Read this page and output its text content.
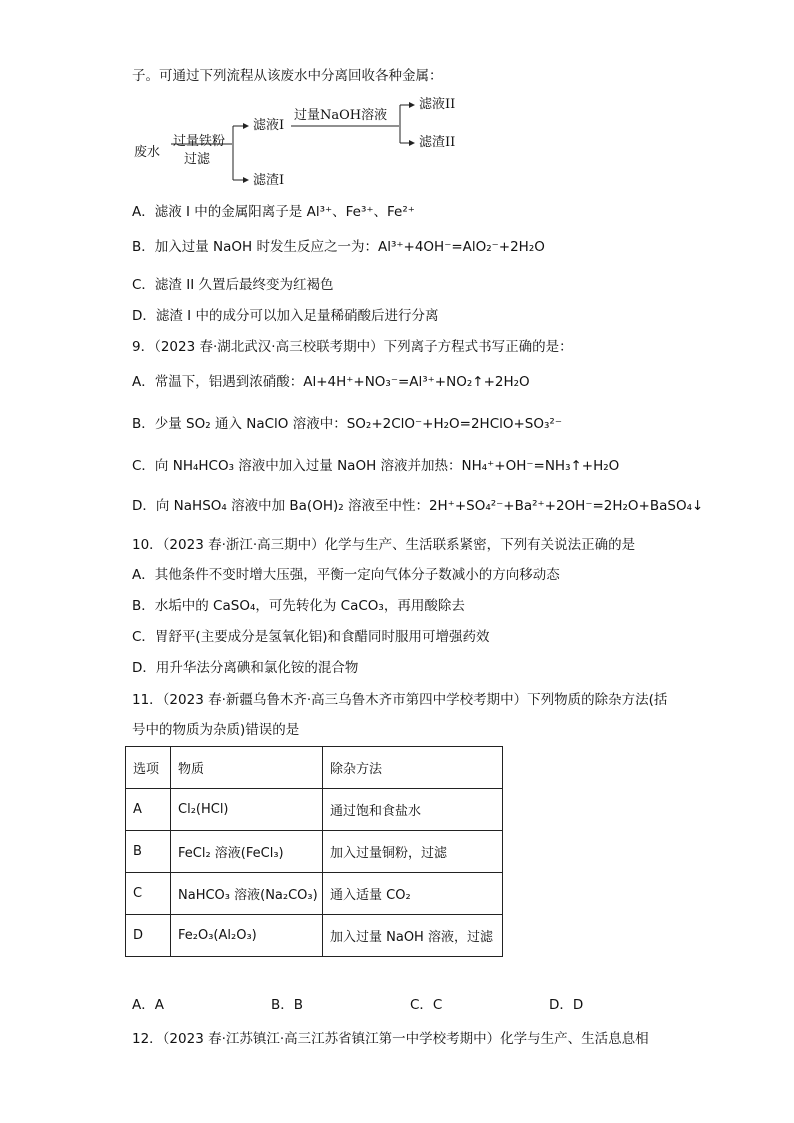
子。可通过下列流程从该废水中分离回收各种金属：
废水
过量铁粉
过滤
滤液I
滤渣I
过量NaOH溶液
滤液II
滤渣II
A．滤液 I 中的金属阳离子是 Al³⁺、Fe³⁺、Fe²⁺
B．加入过量 NaOH 时发生反应之一为：Al³⁺+4OH⁻=AlO₂⁻+2H₂O
C．滤渣 II 久置后最终变为红褐色
D．滤渣 I 中的成分可以加入足量稀硝酸后进行分离
9．（2023 春·湖北武汉·高三校联考期中）下列离子方程式书写正确的是：
A．常温下，铝遇到浓硝酸：Al+4H⁺+NO₃⁻=Al³⁺+NO₂↑+2H₂O
B．少量 SO₂ 通入 NaClO 溶液中：SO₂+2ClO⁻+H₂O=2HClO+SO₃²⁻
C．向 NH₄HCO₃ 溶液中加入过量 NaOH 溶液并加热：NH₄⁺+OH⁻=NH₃↑+H₂O
D．向 NaHSO₄ 溶液中加 Ba(OH)₂ 溶液至中性：2H⁺+SO₄²⁻+Ba²⁺+2OH⁻=2H₂O+BaSO₄↓
10．（2023 春·浙江·高三期中）化学与生产、生活联系紧密，下列有关说法正确的是
A．其他条件不变时增大压强，平衡一定向气体分子数减小的方向移动态
B．水垢中的 CaSO₄，可先转化为 CaCO₃，再用酸除去
C．胃舒平(主要成分是氢氧化铝)和食醋同时服用可增强药效
D．用升华法分离碘和氯化铵的混合物
11．（2023 春·新疆乌鲁木齐·高三乌鲁木齐市第四中学校考期中）下列物质的除杂方法(括
号中的物质为杂质)错误的是
选项	物质	除杂方法
A	Cl₂(HCl)	通过饱和食盐水
B	FeCl₂ 溶液(FeCl₃)	加入过量铜粉，过滤
C	NaHCO₃ 溶液(Na₂CO₃)	通入适量 CO₂
D	Fe₂O₃(Al₂O₃)	加入过量 NaOH 溶液，过滤
A．A	B．B	C．C	D．D
12．（2023 春·江苏镇江·高三江苏省镇江第一中学校考期中）化学与生产、生活息息相
